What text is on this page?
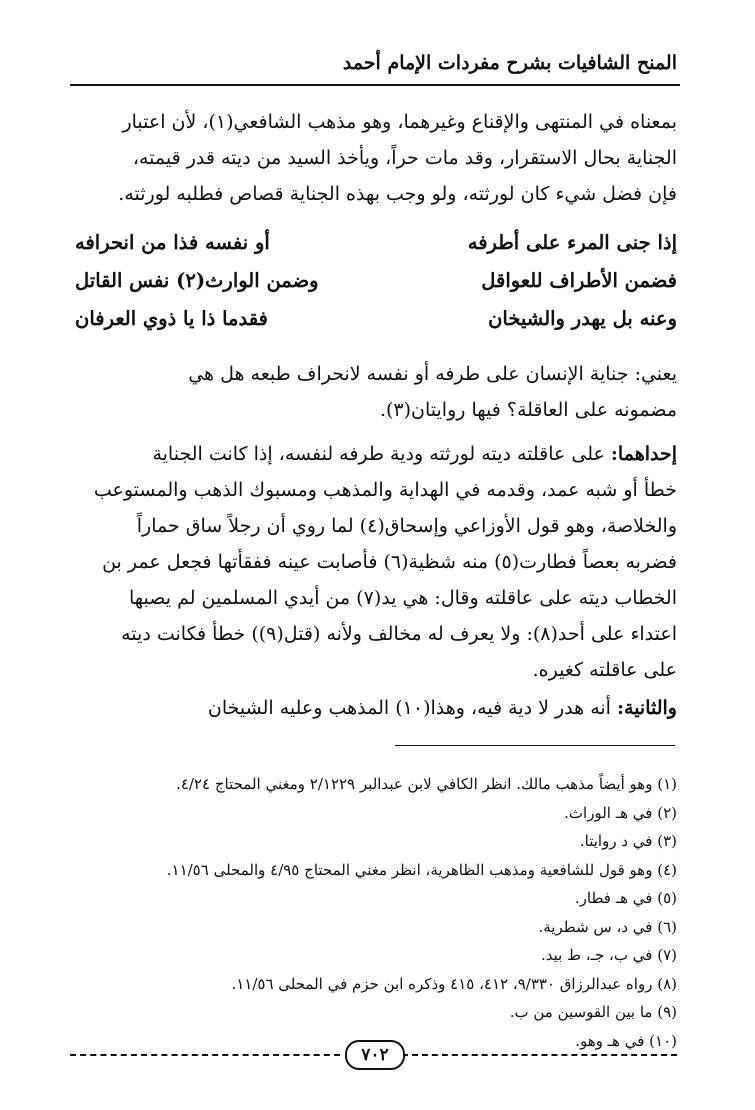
المنح الشافيات بشرح مفردات الإمام أحمد
بمعناه في المنتهى والإقناع وغيرهما، وهو مذهب الشافعي(١)، لأن اعتبار
الجناية بحال الاستقرار، وقد مات حراً، ويأخذ السيد من ديته قدر قيمته،
فإن فضل شيء كان لورثته، ولو وجب بهذه الجناية قصاص فطلبه لورثته.
إذا جنى المرء على أطرفه
أو نفسه فذا من انحرافه
فضمن الأطراف للعواقل
وضمن الوارث(٢) نفس القاتل
وعنه بل يهدر والشيخان
فقدما ذا يا ذوي العرفان
يعني: جناية الإنسان على طرفه أو نفسه لانحراف طبعه هل هي
مضمونه على العاقلة؟ فيها روايتان(٣).
إحداهما: على عاقلته ديته لورثته ودية طرفه لنفسه، إذا كانت الجناية
خطأ أو شبه عمد، وقدمه في الهداية والمذهب ومسبوك الذهب والمستوعب
والخلاصة، وهو قول الأوزاعي وإسحاق(٤) لما روي أن رجلاً ساق حماراً
فضربه بعصاً فطارت(٥) منه شظية(٦) فأصابت عينه ففقأتها فجعل عمر بن
الخطاب ديته على عاقلته وقال: هي يد(٧) من أيدي المسلمين لم يصبها
اعتداء على أحد(٨): ولا يعرف له مخالف ولأنه (قتل(٩)) خطأ فكانت ديته
على عاقلته كغيره.
والثانية: أنه هدر لا دية فيه، وهذا(١٠) المذهب وعليه الشيخان
(١) وهو أيضاً مذهب مالك. انظر الكافي لابن عبدالبر ٢/١٢٢٩ ومغني المحتاج ٤/٢٤.
(٢) في هـ الوراث.
(٣) في د روايتا.
(٤) وهو قول للشافعية ومذهب الظاهرية، انظر مغني المحتاج ٤/٩٥ والمحلى ١١/٥٦.
(٥) في هـ فطار.
(٦) في د، س شطرية.
(٧) في ب، جـ، ط بيد.
(٨) رواه عبدالرزاق ٩/٣٣٠، ٤١٢، ٤١٥ وذكره ابن حزم في المحلى ١١/٥٦.
(٩) ما بين القوسين من ب.
(١٠) في هـ وهو.
٧٠٢
